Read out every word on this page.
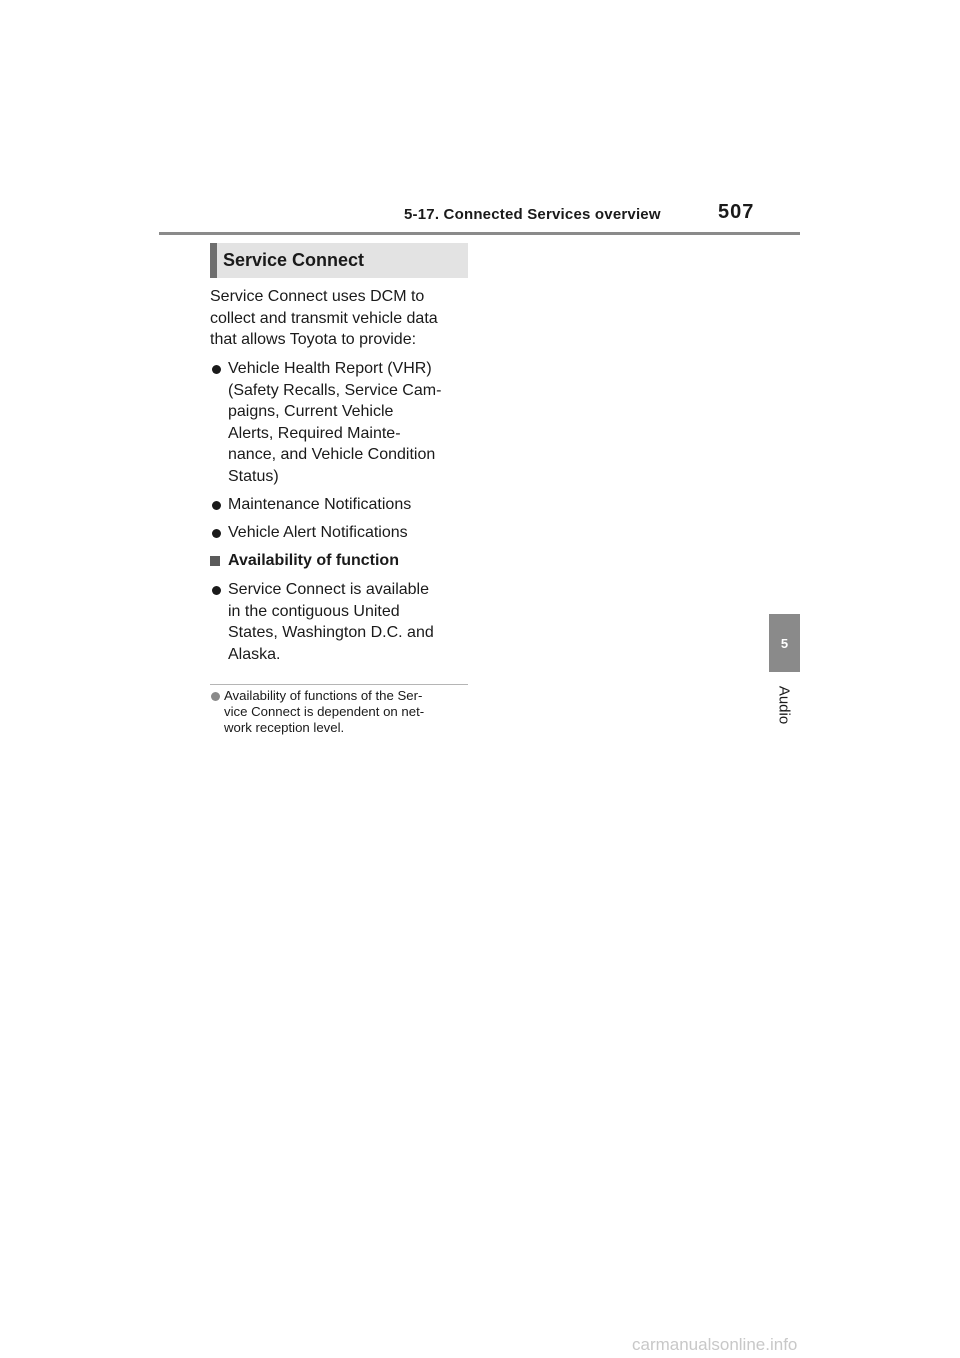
5-17. Connected Services overview	507
5
Audio
Service Connect
Service Connect uses DCM to
collect and transmit vehicle data
that allows Toyota to provide:
Vehicle Health Report (VHR)
(Safety Recalls, Service Cam-
paigns, Current Vehicle
Alerts, Required Mainte-
nance, and Vehicle Condition
Status)
Maintenance Notifications
Vehicle Alert Notifications
Availability of function
Service Connect is available
in the contiguous United
States, Washington D.C. and
Alaska.
Availability of functions of the Ser-
vice Connect is dependent on net-
work reception level.
carmanualsonline.info
